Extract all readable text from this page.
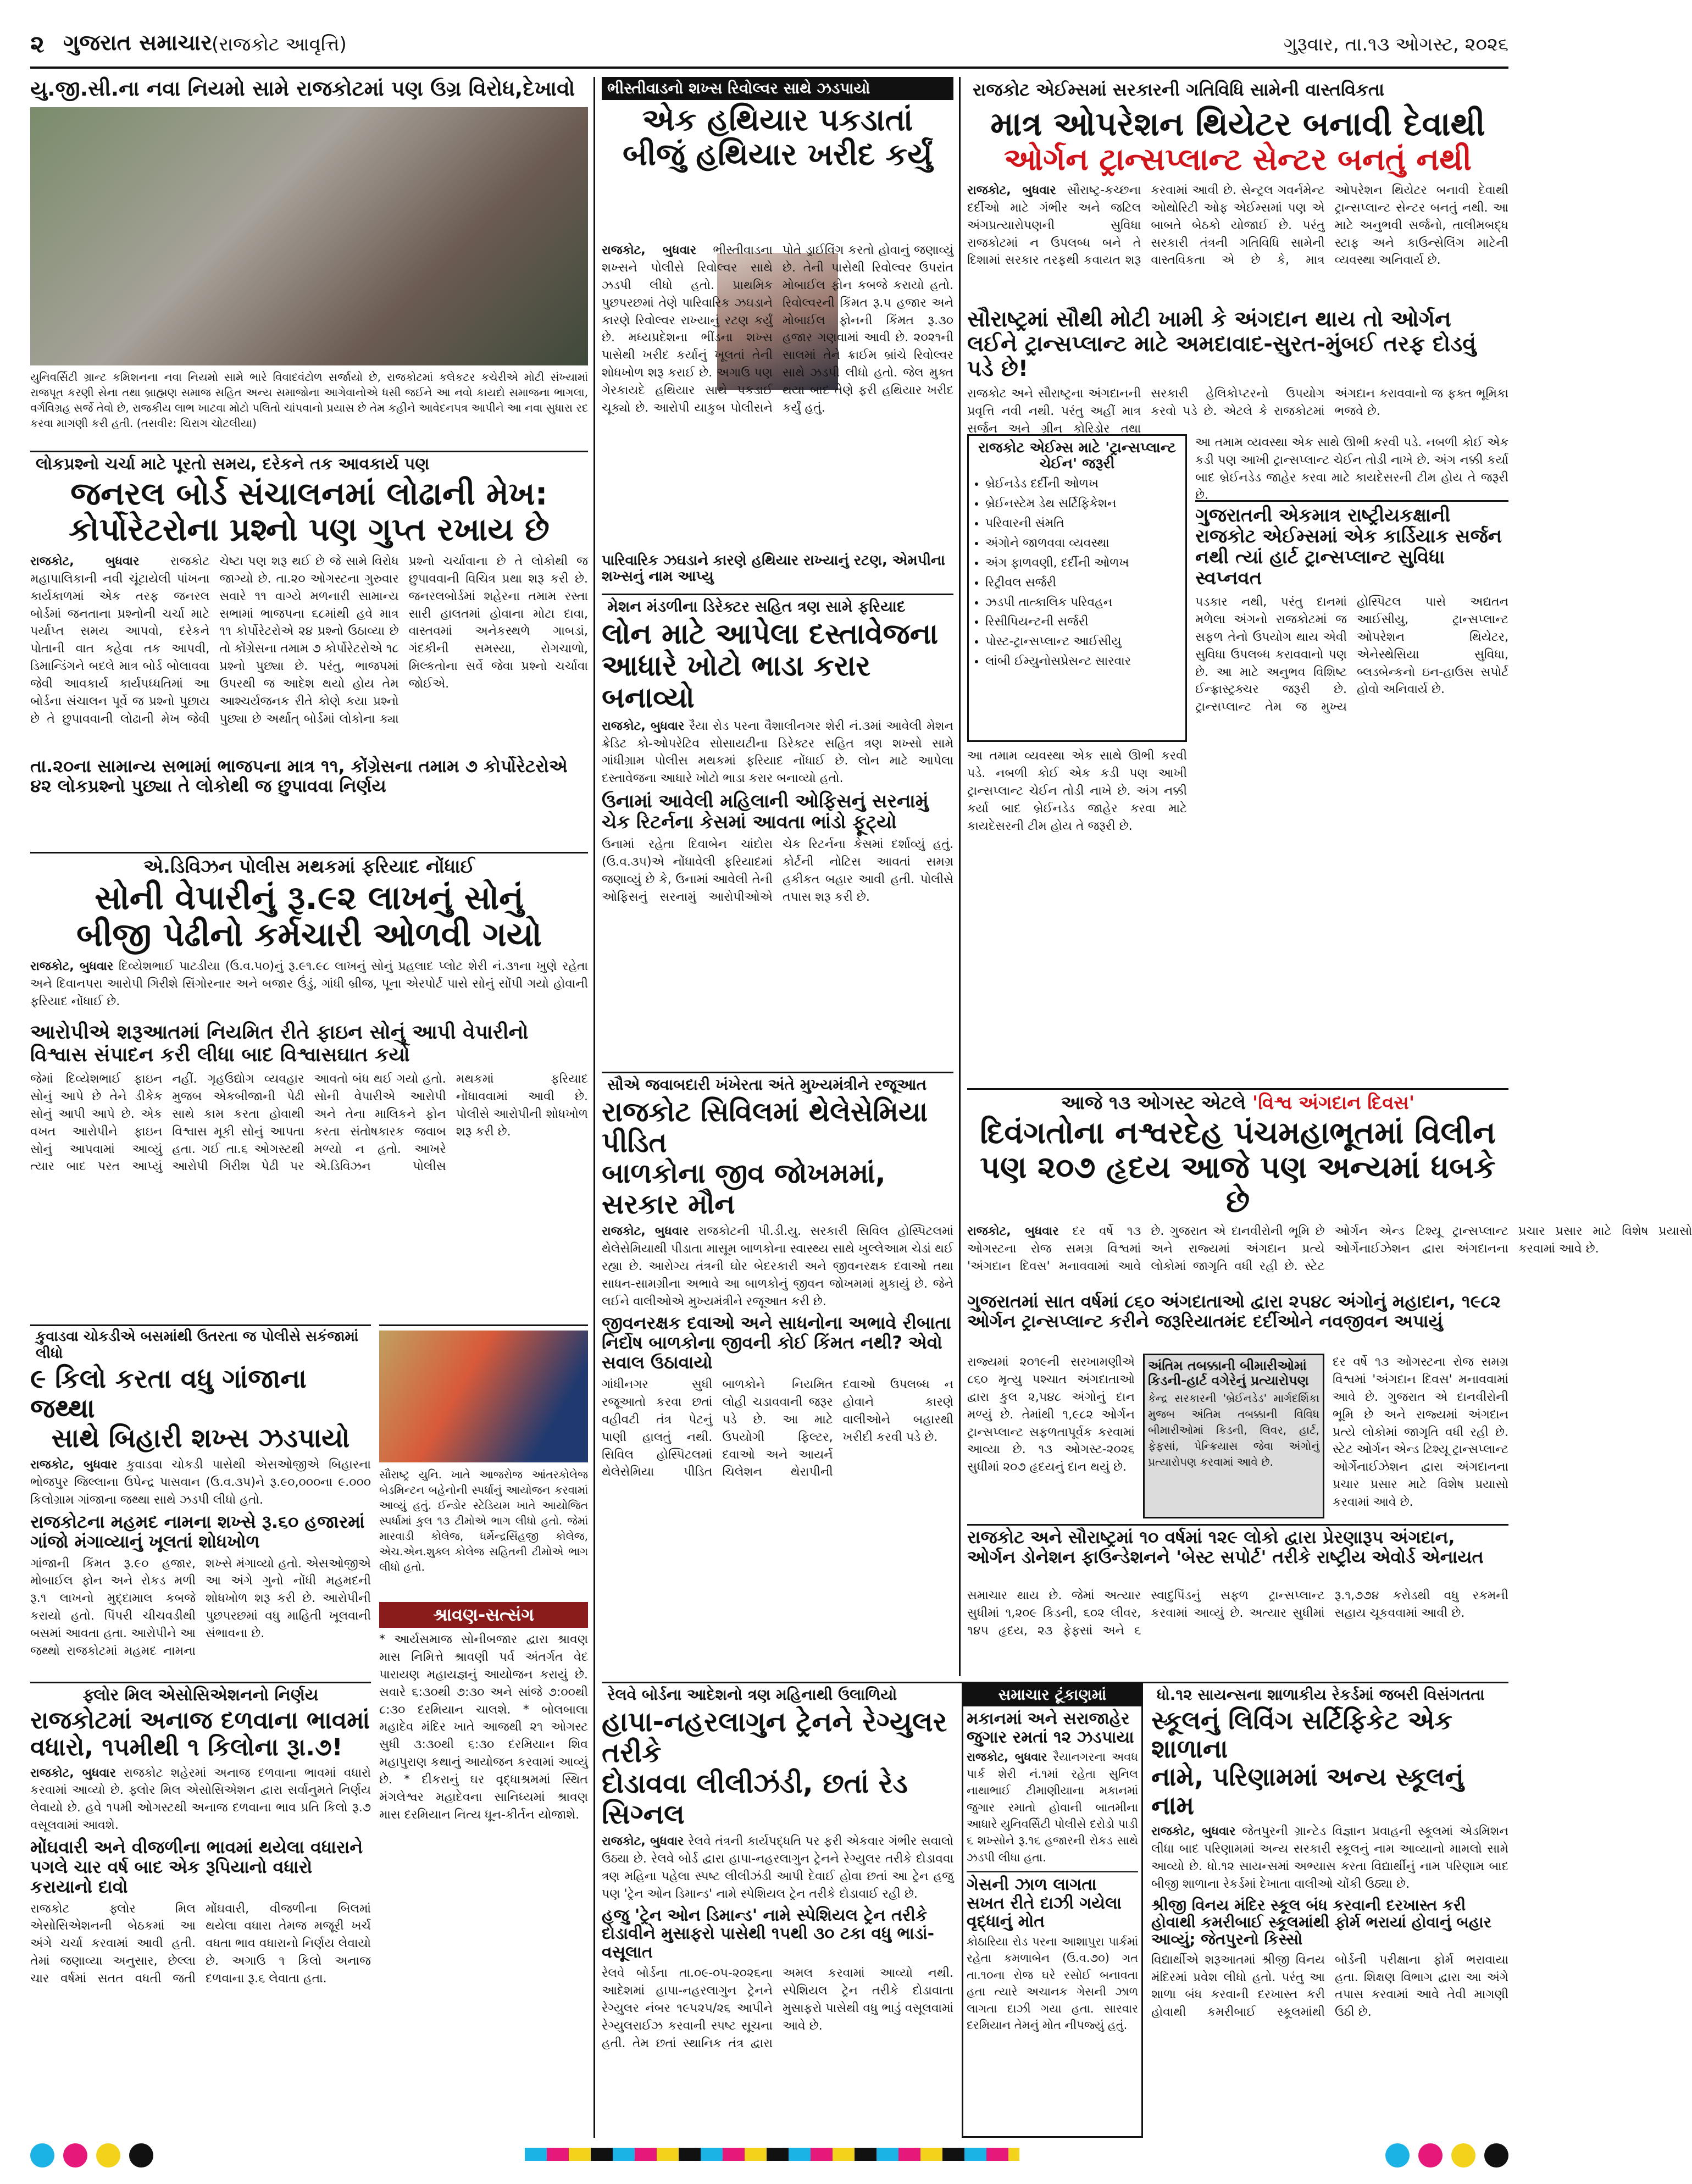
૨ ગુજરાત સમાચાર (રાજકોટ આવૃત્તિ)	ગુરૂવાર, તા.૧૩ ઓગસ્ટ, ૨૦૨૬
યુ.જી.સી.ના નવા નિયમો સામે રાજકોટમાં પણ ઉગ્ર વિરોધ,દેખાવો
યુનિવર્સિટી ગ્રાન્ટ કમિશનના નવા નિયમો સામે ભારે વિવાદવંટોળ સર્જાયો છે, રાજકોટમાં કલેકટર કચેરીએ મોટી સંખ્યામાં રાજપૂત કરણી સેના તથા બ્રાહ્મણ સમાજ સહિત અન્ય સમાજોના આગેવાનોએ ધસી જઈને આ નવો કાયદો સમાજના ભાગલા, વર્ગવિગ્રહ સર્જે તેવો છે, રાજકીય લાભ ખાટવા મોટો પલિતો ચાંપવાનો પ્રયાસ છે તેમ કહીને આવેદનપત્ર આપીને આ નવા સુધારા રદ કરવા માગણી કરી હતી. (તસવીર: ચિરાગ ચોટલીયા)
લોકપ્રશ્નો ચર્ચા માટે પૂરતો સમય, દરેકને તક આવકાર્ય પણ
જનરલ બોર્ડ સંચાલનમાં લોઢાની મેખ:
કોર્પોરેટરોના પ્રશ્નો પણ ગુપ્ત રખાય છે
રાજકોટ, બુધવાર	રાજકોટ મહાપાલિકાની નવી ચૂંટાયેલી પાંખના કાર્યકાળમાં એક તરફ જનરલ બોર્ડમાં જનતાના પ્રશ્નોની ચર્ચા માટે પર્યાપ્ત સમય આપવો, દરેકને પોતાની વાત કહેવા તક આપવી, ડિમાન્ડિંગને બદલે માત્ર બોર્ડ બોલાવવા જેવી આવકાર્ય કાર્યપધ્ધતિમાં આ બોર્ડના સંચાલન પૂર્વે જ પ્રશ્નો પુછાય છે તે છુપાવવાની લોઢાની મેખ જેવી ચેષ્ટા પણ શરૂ થઈ છે જે સામે વિરોધ જાગ્યો છે. તા.૨૦ ઓગસ્ટના ગુરુવાર સવારે ૧૧ વાગ્યે મળનારી સામાન્ય સભામાં ભાજપના ૬૮માંથી હવે માત્ર ૧૧ કોર્પોરેટરોએ ૨૪ પ્રશ્નો ઉઠાવ્યા છે તો કોંગ્રેસના તમામ ૭ કોર્પોરેટરોએ ૧૮ પ્રશ્નો પુછ્યા છે. પરંતુ, ભાજપમાં ઉપરથી જ આદેશ થયો હોય તેમ આશ્ચર્યજનક રીતે કોણે કયા પ્રશ્નો પુછ્યા છે અર્થાત્ બોર્ડમાં લોકોના ક્યા પ્રશ્નો ચર્ચાવાના છે તે લોકોથી જ છુપાવવાની વિચિત્ર પ્રથા શરૂ કરી છે. જનરલબોર્ડમાં શહેરના તમામ રસ્તા સારી હાલતમાં હોવાના મોટા દાવા, વાસ્તવમાં અનેકસ્થળે ગાબડાં, ગંદકીની સમસ્યા, રોગચાળો, મિલ્કતોના સર્વે જેવા પ્રશ્નો ચર્ચાવા જોઈએ.
તા.૨૦ના સામાન્ય સભામાં ભાજપના માત્ર ૧૧, કોંગ્રેસના તમામ ૭ કોર્પોરેટરોએ ૪૨ લોકપ્રશ્નો પુછ્યા તે લોકોથી જ છુપાવવા નિર્ણય
એ.ડિવિઝન પોલીસ મથકમાં ફરિયાદ નોંધાઈ
સોની વેપારીનું રૂ.૯૨ લાખનું સોનું
બીજી પેઢીનો કર્મચારી ઓળવી ગયો
રાજકોટ, બુધવાર દિવ્યેશભાઈ પાટડીયા (ઉ.વ.૫૦)નું રૂ.૯૧.૯૮ લાખનું સોનું પ્રહલાદ પ્લોટ શેરી નં.૩૧ના ખુણે રહેતા અને દિવાનપરા આરોપી ગિરીશે સિંગોરનાર અને બજાર ઉંડું, ગાંધી બ્રીજ, પૂના એરપોર્ટ પાસે સોનું સોંપી ગયો હોવાની ફરિયાદ નોંધાઈ છે.
આરોપીએ શરૂઆતમાં નિયમિત રીતે ફાઇન સોનું આપી વેપારીનો વિશ્વાસ સંપાદન કરી લીધા બાદ વિશ્વાસઘાત કર્યો
જેમાં દિવ્યેશભાઈ ફાઇન સોનું આપે છે તેને ડીકેક સોનું આપી આપે છે. એક વખત આરોપીને ફાઇન સોનું આપવામાં આવ્યું ત્યાર બાદ પરત આપ્યું નહીં. ગૃહઉદ્યોગ વ્યવહાર મુજબ એકબીજાની પેઢી સાથે કામ કરતા હોવાથી વિશ્વાસ મૂકી સોનું આપતા હતા. ગઈ તા.૬ ઓગસ્ટથી આરોપી ગિરીશ પેઢી પર આવતો બંધ થઈ ગયો હતો. સોની વેપારીએ આરોપી અને તેના માલિકને ફોન કરતા સંતોષકારક જવાબ મળ્યો ન હતો. આખરે એ.ડિવિઝન પોલીસ મથકમાં ફરિયાદ નોંધાવવામાં આવી છે. પોલીસે આરોપીની શોધખોળ શરૂ કરી છે.
કુવાડવા ચોકડીએ બસમાંથી ઉતરતા જ પોલીસે સકંજામાં લીધો
૯ કિલો કરતા વધુ ગાંજાના જથ્થા
સાથે બિહારી શખ્સ ઝડપાયો
રાજકોટ, બુધવાર કુવાડવા ચોકડી પાસેથી એસઓજીએ બિહારના ભોજપુર જિલ્લાના ઉપેન્દ્ર પાસવાન (ઉ.વ.૩૫)ને રૂ.૯૦,૦૦૦ના ૯.૦૦૦ કિલોગ્રામ ગાંજાના જથ્થા સાથે ઝડપી લીધો હતો.
રાજકોટના મહમદ નામના શખ્સે રૂ.૬૦ હજારમાં ગાંજો મંગાવ્યાનું ખૂલતાં શોધખોળ
ગાંજાની કિંમત રૂ.૯૦ હજાર, મોબાઈલ ફોન અને રોકડ મળી રૂ.૧ લાખનો મુદ્દામાલ કબજે કરાયો હતો. પિંપરી ચીચવડીથી બસમાં આવતા હતા. આરોપીને આ જથ્થો રાજકોટમાં મહમદ નામના શખ્સે મંગાવ્યો હતો. એસઓજીએ આ અંગે ગુનો નોંધી મહમદની શોધખોળ શરૂ કરી છે. આરોપીની પુછપરછમાં વધુ માહિતી ખૂલવાની સંભાવના છે.
સૌરાષ્ટ્ર યુનિ. ખાતે આજરોજ આંતરકોલેજ બેડમિન્ટન બહેનોની સ્પર્ધાનું આયોજન કરવામાં આવ્યું હતું. ઈન્ડોર સ્ટેડિયમ ખાતે આયોજિત સ્પર્ધામાં કુલ ૧૩ ટીમોએ ભાગ લીધો હતો. જેમાં મારવાડી કોલેજ, ધર્મેન્દ્રસિંહજી કોલેજ, એચ.એન.શુક્લ કોલેજ સહિતની ટીમોએ ભાગ લીધો હતો.
શ્રાવણ-સત્સંગ
* આર્યસમાજ સોનીબજાર દ્વારા શ્રાવણ માસ નિમિત્તે શ્રાવણી પર્વ અંતર્ગત વેદ પારાયણ મહાયજ્ઞનું આયોજન કરાયું છે. સવારે ૬:૩૦થી ૭:૩૦ અને સાંજે ૭:૦૦થી ૮:૩૦ દરમિયાન ચાલશે. * બોલબાલા મહાદેવ મંદિર ખાતે આજથી ૨૧ ઓગસ્ટ સુધી ૩:૩૦થી ૬:૩૦ દરમિયાન શિવ મહાપુરાણ કથાનું આયોજન કરવામાં આવ્યું છે. * દીકરાનું ઘર વૃદ્ધાશ્રમમાં સ્થિત મંગલેશ્વર મહાદેવના સાનિધ્યમાં શ્રાવણ માસ દરમિયાન નિત્ય ધૂન-કીર્તન યોજાશે.
ફ્લોર મિલ એસોસિએશનનો નિર્ણય
રાજકોટમાં અનાજ દળવાના ભાવમાં વધારો, ૧૫મીથી ૧ કિલોના રૂા.૭!
રાજકોટ, બુધવાર રાજકોટ શહેરમાં અનાજ દળવાના ભાવમાં વધારો કરવામાં આવ્યો છે. ફ્લોર મિલ એસોસિએશન દ્વારા સર્વાનુમતે નિર્ણય લેવાયો છે. હવે ૧૫મી ઓગસ્ટથી અનાજ દળવાના ભાવ પ્રતિ કિલો રૂ.૭ વસૂલવામાં આવશે.
મોંઘવારી અને વીજળીના ભાવમાં થયેલા વધારાને પગલે ચાર વર્ષ બાદ એક રૂપિયાનો વધારો કરાયાનો દાવો
રાજકોટ ફ્લોર મિલ એસોસિએશનની બેઠકમાં આ અંગે ચર્ચા કરવામાં આવી હતી. તેમાં જણાવ્યા અનુસાર, છેલ્લા ચાર વર્ષમાં સતત વધતી જતી મોંઘવારી, વીજળીના બિલમાં થયેલા વધારા તેમજ મજૂરી ખર્ચ વધતા ભાવ વધારાનો નિર્ણય લેવાયો છે. અગાઉ ૧ કિલો અનાજ દળવાના રૂ.૬ લેવાતા હતા.
ભીસ્તીવાડનો શખ્સ રિવોલ્વર સાથે ઝડપાયો
એક હથિયાર પકડાતાં
બીજું હથિયાર ખરીદ કર્યું
રાજકોટ, બુધવાર ભીસ્તીવાડના શખ્સને પોલીસે રિવોલ્વર સાથે ઝડપી લીધો હતો. પ્રાથમિક પુછપરછમાં તેણે પારિવારિક ઝઘડાને કારણે રિવોલ્વર રાખ્યાનું રટણ કર્યું છે. મધ્યપ્રદેશના ભીંડના શખ્સ પાસેથી ખરીદ કર્યાનું ખૂલતાં તેની શોધખોળ શરૂ કરાઈ છે. અગાઉ પણ ગેરકાયદે હથિયાર સાથે પકડાઈ ચૂક્યો છે. આરોપી યાકુબ પોલીસને પોતે ડ્રાઈવિંગ કરતો હોવાનું જણાવ્યું છે. તેની પાસેથી રિવોલ્વર ઉપરાંત મોબાઈલ ફોન કબજે કરાયો હતો. રિવોલ્વરની કિંમત રૂ.૫ હજાર અને મોબાઈલ ફોનની કિંમત રૂ.૩૦ હજાર ગણવામાં આવી છે. ૨૦૨૧ની સાલમાં તેને ક્રાઈમ બ્રાંચે રિવોલ્વર સાથે ઝડપી લીધો હતો. જેલ મુક્ત થયા બાદ તેણે ફરી હથિયાર ખરીદ કર્યું હતું.
પારિવારિક ઝઘડાને કારણે હથિયાર રાખ્યાનું રટણ, એમપીના શખ્સનું નામ આપ્યુ
મેશન મંડળીના ડિરેક્ટર સહિત ત્રણ સામે ફરિયાદ
લોન માટે આપેલા દસ્તાવેજના
આધારે ખોટો ભાડા કરાર બનાવ્યો
રાજકોટ, બુધવાર રૈયા રોડ પરના વૈશાલીનગર શેરી નં.૩માં આવેલી મેશન ક્રેડિટ કો-ઓપરેટિવ સોસાયટીના ડિરેક્ટર સહિત ત્રણ શખ્સો સામે ગાંધીગ્રામ પોલીસ મથકમાં ફરિયાદ નોંધાઈ છે. લોન માટે આપેલા દસ્તાવેજના આધારે ખોટો ભાડા કરાર બનાવ્યો હતો.
ઉનામાં આવેલી મહિલાની ઓફિસનું સરનામું ચેક રિટર્નના કેસમાં આવતા ભાંડો ફૂટ્યો
ઉનામાં રહેતા દિવાબેન ચાંદોરા (ઉ.વ.૩૫)એ નોંધાવેલી ફરિયાદમાં જણાવ્યું છે કે, ઉનામાં આવેલી તેની ઓફિસનું સરનામું આરોપીઓએ ચેક રિટર્નના કેસમાં દર્શાવ્યું હતું. કોર્ટની નોટિસ આવતાં સમગ્ર હકીકત બહાર આવી હતી. પોલીસે તપાસ શરૂ કરી છે.
સૌએ જવાબદારી ખંખેરતા અંતે મુખ્યમંત્રીને રજૂઆત
રાજકોટ સિવિલમાં થેલેસેમિયા પીડિત
બાળકોના જીવ જોખમમાં, સરકાર મૌન
રાજકોટ, બુધવાર રાજકોટની પી.ડી.યુ. સરકારી સિવિલ હોસ્પિટલમાં થેલેસેમિયાથી પીડાતા માસૂમ બાળકોના સ્વાસ્થ્ય સાથે ખુલ્લેઆમ ચેડાં થઈ રહ્યા છે. આરોગ્ય તંત્રની ઘોર બેદરકારી અને જીવનરક્ષક દવાઓ તથા સાધન-સામગ્રીના અભાવે આ બાળકોનું જીવન જોખમમાં મુકાયું છે. જેને લઈને વાલીઓએ મુખ્યમંત્રીને રજૂઆત કરી છે.
જીવનરક્ષક દવાઓ અને સાધનોના અભાવે રીબાતા નિર્દોષ બાળકોના જીવની કોઈ કિંમત નથી? એવો સવાલ ઉઠાવાયો
ગાંધીનગર સુધી રજૂઆતો કરવા છતાં વહીવટી તંત્ર પેટનું પાણી હાલતું નથી. સિવિલ હોસ્પિટલમાં થેલેસેમિયા પીડિત બાળકોને નિયમિત લોહી ચડાવવાની જરૂર પડે છે. આ માટે ઉપયોગી ફિલ્ટર, દવાઓ અને આયર્ન ચિલેશન થેરાપીની દવાઓ ઉપલબ્ધ ન હોવાને કારણે વાલીઓને બહારથી ખરીદી કરવી પડે છે.
રેલવે બોર્ડના આદેશનો ત્રણ મહિનાથી ઉલાળિયો
હાપા-નહરલાગુન ટ્રેનને રેગ્યુલર તરીકે
દોડાવવા લીલીઝંડી, છતાં રેડ સિગ્નલ
રાજકોટ, બુધવાર રેલવે તંત્રની કાર્યપદ્ધતિ પર ફરી એકવાર ગંભીર સવાલો ઉઠ્યા છે. રેલવે બોર્ડ દ્વારા હાપા-નહરલાગુન ટ્રેનને રેગ્યુલર તરીકે દોડાવવા ત્રણ મહિના પહેલા સ્પષ્ટ લીલીઝંડી આપી દેવાઈ હોવા છતાં આ ટ્રેન હજુ પણ 'ટ્રેન ઓન ડિમાન્ડ' નામે સ્પેશિયલ ટ્રેન તરીકે દોડાવાઈ રહી છે.
હજુ 'ટ્રેન ઓન ડિમાન્ડ' નામે સ્પેશિયલ ટ્રેન તરીકે દોડાવીને મુસાફરો પાસેથી ૧૫થી ૩૦ ટકા વધુ ભાડાં-વસૂલાત
રેલવે બોર્ડના તા.૦૯-૦૫-૨૦૨૬ના આદેશમાં હાપા-નહરલાગુન ટ્રેનને રેગ્યુલર નંબર ૧૯૫૨૫/૨૬ આપીને રેગ્યુલરાઈઝ કરવાની સ્પષ્ટ સૂચના હતી. તેમ છતાં સ્થાનિક તંત્ર દ્વારા અમલ કરવામાં આવ્યો નથી. સ્પેશિયલ ટ્રેન તરીકે દોડાવાતા મુસાફરો પાસેથી વધુ ભાડું વસૂલવામાં આવે છે.
રાજકોટ એઈમ્સમાં સરકારની ગતિવિધિ સામેની વાસ્તવિકતા
માત્ર ઓપરેશન થિયેટર બનાવી દેવાથી
ઓર્ગન ટ્રાન્સપ્લાન્ટ સેન્ટર બનતું નથી
રાજકોટ, બુધવાર સૌરાષ્ટ્ર-કચ્છના દર્દીઓ માટે ગંભીર અને જટિલ અંગપ્રત્યારોપણની સુવિધા રાજકોટમાં ન ઉપલબ્ધ બને તે દિશામાં સરકાર તરફથી કવાયત શરૂ કરવામાં આવી છે. સેન્ટ્રલ ગવર્નમેન્ટ ઓથોરિટી ઓફ એઈમ્સમાં પણ એ બાબતે બેઠકો યોજાઈ છે. પરંતુ સરકારી તંત્રની ગતિવિધિ સામેની વાસ્તવિકતા એ છે કે, માત્ર ઓપરેશન થિયેટર બનાવી દેવાથી ટ્રાન્સપ્લાન્ટ સેન્ટર બનતું નથી. આ માટે અનુભવી સર્જનો, તાલીમબદ્ધ સ્ટાફ અને કાઉન્સેલિંગ માટેની વ્યવસ્થા અનિવાર્ય છે.
સૌરાષ્ટ્રમાં સૌથી મોટી ખામી કે અંગદાન થાય તો ઓર્ગન લઈને ટ્રાન્સપ્લાન્ટ માટે અમદાવાદ-સુરત-મુંબઈ તરફ દોડવું પડે છે!
રાજકોટ અને સૌરાષ્ટ્રના અંગદાનની પ્રવૃત્તિ નવી નથી. પરંતુ અહીં માત્ર સર્જન અને ગ્રીન કોરિડોર તથા સરકારી હેલિકોપ્ટરનો ઉપયોગ કરવો પડે છે. એટલે કે રાજકોટમાં અંગદાન કરાવવાનો જ ફક્ત ભૂમિકા ભજવે છે.
રાજકોટ એઈમ્સ માટે 'ટ્રાન્સપ્લાન્ટ ચેઈન' જરૂરી
• બ્રેઈનડેડ દર્દીની ઓળખ
• બ્રેઈનસ્ટેમ ડેથ સર્ટિફિકેશન
• પરિવારની સંમતિ
• અંગોને જાળવવા વ્યવસ્થા
• અંગ ફાળવણી, દર્દીની ઓળખ
• રિટ્રીવલ સર્જરી
• ઝડપી તાત્કાલિક પરિવહન
• રિસીપિયન્ટની સર્જરી
• પોસ્ટ-ટ્રાન્સપ્લાન્ટ આઈસીયુ
• લાંબી ઈમ્યુનોસપ્રેસન્ટ સારવાર
આ તમામ વ્યવસ્થા એક સાથે ઊભી કરવી પડે. નબળી કોઈ એક કડી પણ આખી ટ્રાન્સપ્લાન્ટ ચેઈન તોડી નાખે છે. અંગ નક્કી કર્યા બાદ બ્રેઈનડેડ જાહેર કરવા માટે કાયદેસરની ટીમ હોય તે જરૂરી છે.
ગુજરાતની એકમાત્ર રાષ્ટ્રીયકક્ષાની રાજકોટ એઈમ્સમાં એક કાર્ડિયાક સર્જન નથી ત્યાં હાર્ટ ટ્રાન્સપ્લાન્ટ સુવિધા સ્વપ્નવત
પડકાર નથી, પરંતુ દાનમાં મળેલા અંગનો રાજકોટમાં જ સફળ તેનો ઉપયોગ થાય એવી સુવિધા ઉપલબ્ધ કરાવવાનો પણ છે. આ માટે અનુભવ વિશિષ્ટ ઈન્ફ્રાસ્ટ્રક્ચર જરૂરી છે. ટ્રાન્સપ્લાન્ટ તેમ જ મુખ્ય હોસ્પિટલ પાસે અદ્યતન આઈસીયુ, ટ્રાન્સપ્લાન્ટ ઓપરેશન થિયેટર, એનેસ્થેસિયા સુવિધા, બ્લડબેન્કનો ઇન-હાઉસ સપોર્ટ હોવો અનિવાર્ય છે.
આ તમામ વ્યવસ્થા એક સાથે ઊભી કરવી પડે. નબળી કોઈ એક કડી પણ આખી ટ્રાન્સપ્લાન્ટ ચેઈન તોડી નાખે છે. અંગ નક્કી કર્યા બાદ બ્રેઈનડેડ જાહેર કરવા માટે કાયદેસરની ટીમ હોય તે જરૂરી છે.
આજે ૧૩ ઓગસ્ટ એટલે 'વિશ્વ અંગદાન દિવસ'
દિવંગતોના નશ્વરદેહ પંચમહાભૂતમાં વિલીન
પણ ૨૦૭ હૃદય આજે પણ અન્યમાં ધબકે છે
રાજકોટ, બુધવાર દર વર્ષે ૧૩ ઓગસ્ટના રોજ સમગ્ર વિશ્વમાં 'અંગદાન દિવસ' મનાવવામાં આવે છે. ગુજરાત એ દાનવીરોની ભૂમિ છે અને રાજ્યમાં અંગદાન પ્રત્યે લોકોમાં જાગૃતિ વધી રહી છે. સ્ટેટ ઓર્ગન એન્ડ ટિશ્યૂ ટ્રાન્સપ્લાન્ટ ઓર્ગેનાઈઝેશન દ્વારા અંગદાનના પ્રચાર પ્રસાર માટે વિશેષ પ્રયાસો કરવામાં આવે છે.
ગુજરાતમાં સાત વર્ષમાં ૮૬૦ અંગદાતાઓ દ્વારા ૨૫૪૮ અંગોનું મહાદાન, ૧૯૮૨ ઓર્ગન ટ્રાન્સપ્લાન્ટ કરીને જરૂરિયાતમંદ દર્દીઓને નવજીવન અપાયું
અંતિમ તબક્કાની બીમારીઓમાં કિડની-હાર્ટ વગેરેનું પ્રત્યારોપણ
કેન્દ્ર સરકારની 'બ્રેઈનડેડ' માર્ગદર્શિકા મુજબ અંતિમ તબક્કાની વિવિધ બીમારીઓમાં કિડની, લિવર, હાર્ટ, ફેફસાં, પેન્ક્રિયાસ જેવા અંગોનું પ્રત્યારોપણ કરવામાં આવે છે.
રાજ્યમાં ૨૦૧૯ની સરખામણીએ ૮૬૦ મૃત્યુ પશ્ચાત અંગદાતાઓ દ્વારા કુલ ૨,૫૪૮ અંગોનું દાન મળ્યું છે. તેમાંથી ૧,૯૮૨ ઓર્ગન ટ્રાન્સપ્લાન્ટ સફળતાપૂર્વક કરવામાં આવ્યા છે. ૧૩ ઓગસ્ટ-૨૦૨૬ સુધીમાં ૨૦૭ હૃદયનું દાન થયું છે.
દર વર્ષે ૧૩ ઓગસ્ટના રોજ સમગ્ર વિશ્વમાં 'અંગદાન દિવસ' મનાવવામાં આવે છે. ગુજરાત એ દાનવીરોની ભૂમિ છે અને રાજ્યમાં અંગદાન પ્રત્યે લોકોમાં જાગૃતિ વધી રહી છે. સ્ટેટ ઓર્ગન એન્ડ ટિશ્યૂ ટ્રાન્સપ્લાન્ટ ઓર્ગેનાઈઝેશન દ્વારા અંગદાનના પ્રચાર પ્રસાર માટે વિશેષ પ્રયાસો કરવામાં આવે છે.
રાજકોટ અને સૌરાષ્ટ્રમાં ૧૦ વર્ષમાં ૧૨૯ લોકો દ્વારા પ્રેરણારૂપ અંગદાન, ઓર્ગન ડોનેશન ફાઉન્ડેશનને 'બેસ્ટ સપોર્ટ' તરીકે રાષ્ટ્રીય એવોર્ડ એનાયત
સમાચાર થાય છે. જેમાં અત્યાર સુધીમાં ૧,૨૦૯ કિડની, ૬૦૨ લીવર, ૧૪૫ હૃદય, ૨૩ ફેફસાં અને ૬ સ્વાદુપિંડનું સફળ ટ્રાન્સપ્લાન્ટ કરવામાં આવ્યું છે. અત્યાર સુધીમાં રૂ.૧,૭૭૪ કરોડથી વધુ રકમની સહાય ચૂકવવામાં આવી છે.
સમાચાર ટૂંકાણમાં
મકાનમાં અને સરાજાહેર જુગાર રમતાં ૧૨ ઝડપાયા
રાજકોટ, બુધવાર રૈયાનગરના અવધ પાર્ક શેરી નં.૧માં રહેતા સુનિલ નાથાભાઈ ટીમાણીયાના મકાનમાં જુગાર રમાતો હોવાની બાતમીના આધારે યુનિવર્સિટી પોલીસે દરોડો પાડી ૬ શખ્સોને રૂ.૧૬ હજારની રોકડ સાથે ઝડપી લીધા હતા.
ગેસની ઝાળ લાગતા સખત રીતે દાઝી ગયેલા વૃદ્ધાનું મોત
કોઠારિયા રોડ પરના આશાપુરા પાર્કમાં રહેતા કમળાબેન (ઉ.વ.૭૦) ગત તા.૧૦ના રોજ ઘરે રસોઈ બનાવતા હતા ત્યારે અચાનક ગેસની ઝાળ લાગતા દાઝી ગયા હતા. સારવાર દરમિયાન તેમનું મોત નીપજ્યું હતું.
ધો.૧૨ સાયન્સના શાળાકીય રેકર્ડમાં જબરી વિસંગતતા
સ્કૂલનું લિવિંગ સર્ટિફિકેટ એક શાળાના
નામે, પરિણામમાં અન્ય સ્કૂલનું નામ
રાજકોટ, બુધવાર જેતપુરની ગ્રાન્ટેડ વિજ્ઞાન પ્રવાહની સ્કૂલમાં એડમિશન લીધા બાદ પરિણામમાં અન્ય સરકારી સ્કૂલનું નામ આવ્યાનો મામલો સામે આવ્યો છે. ધો.૧૨ સાયન્સમાં અભ્યાસ કરતા વિદ્યાર્થીનું નામ પરિણામ બાદ બીજી શાળાના રેકર્ડમાં દેખાતા વાલીઓ ચોંકી ઉઠ્યા છે.
શ્રીજી વિનય મંદિર સ્કૂલ બંધ કરવાની દરખાસ્ત કરી હોવાથી કમરીબાઈ સ્કૂલમાંથી ફોર્મ ભરાયાં હોવાનું બહાર આવ્યું; જેતપુરનો કિસ્સો
વિદ્યાર્થીએ શરૂઆતમાં શ્રીજી વિનય મંદિરમાં પ્રવેશ લીધો હતો. પરંતુ આ શાળા બંધ કરવાની દરખાસ્ત કરી હોવાથી કમરીબાઈ સ્કૂલમાંથી બોર્ડની પરીક્ષાના ફોર્મ ભરાવાયા હતા. શિક્ષણ વિભાગ દ્વારા આ અંગે તપાસ કરવામાં આવે તેવી માગણી ઉઠી છે.
